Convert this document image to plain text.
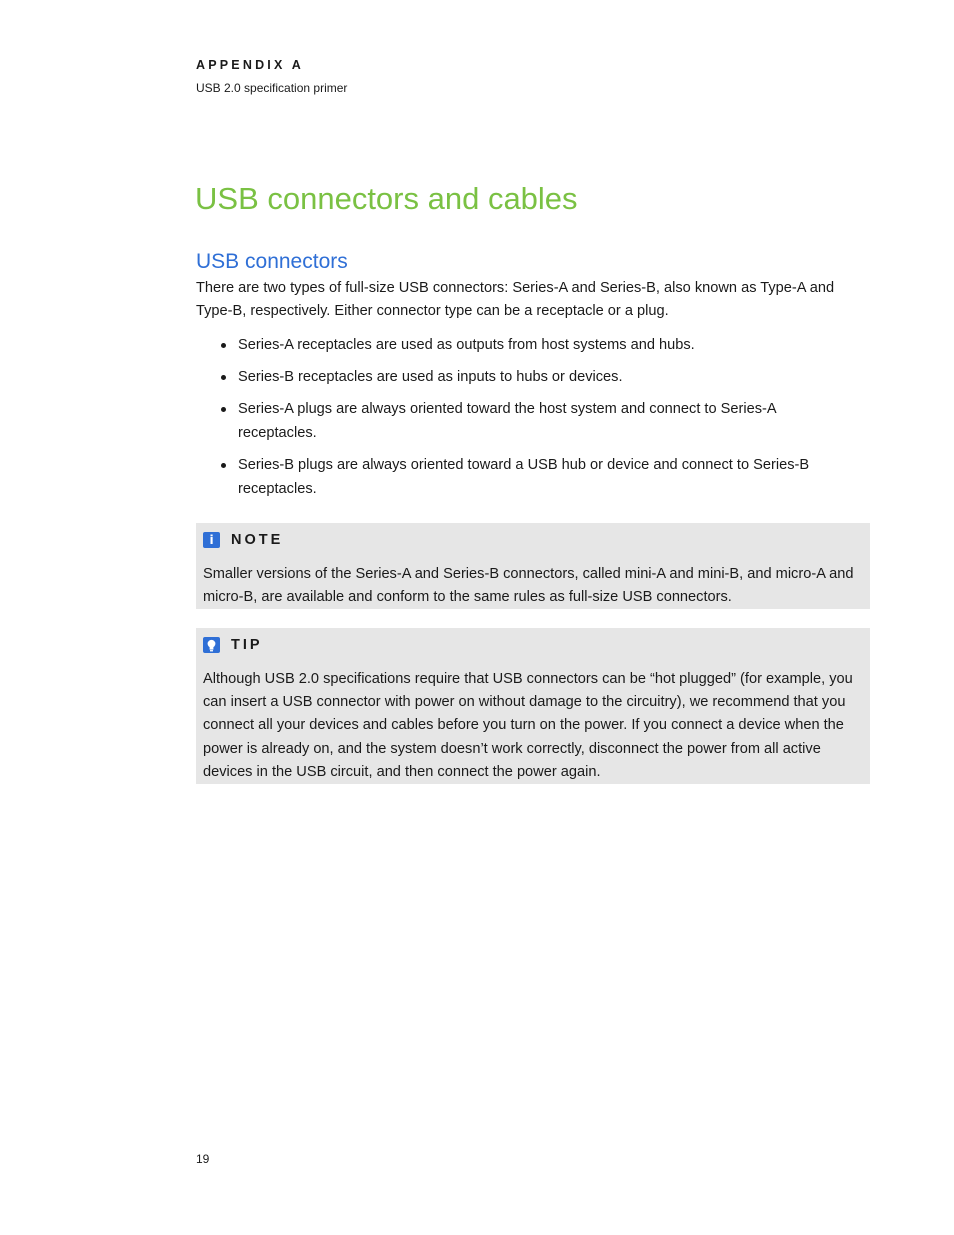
APPENDIX A
USB 2.0 specification primer
USB connectors and cables
USB connectors

There are two types of full-size USB connectors: Series-A and Series-B, also known as Type-A and Type-B, respectively. Either connector type can be a receptacle or a plug.

Series-A receptacles are used as outputs from host systems and hubs.
Series-B receptacles are used as inputs to hubs or devices.
Series-A plugs are always oriented toward the host system and connect to Series-A receptacles.
Series-B plugs are always oriented toward a USB hub or device and connect to Series-B receptacles.
i	NOTE

Smaller versions of the Series-A and Series-B connectors, called mini-A and mini-B, and micro-A and micro-B, are available and conform to the same rules as full-size USB connectors.

TIP

Although USB 2.0 specifications require that USB connectors can be “hot plugged” (for example, you can insert a USB connector with power on without damage to the circuitry), we recommend that you connect all your devices and cables before you turn on the power. If you connect a device when the power is already on, and the system doesn’t work correctly, disconnect the power from all active devices in the USB circuit, and then connect the power again.

19
